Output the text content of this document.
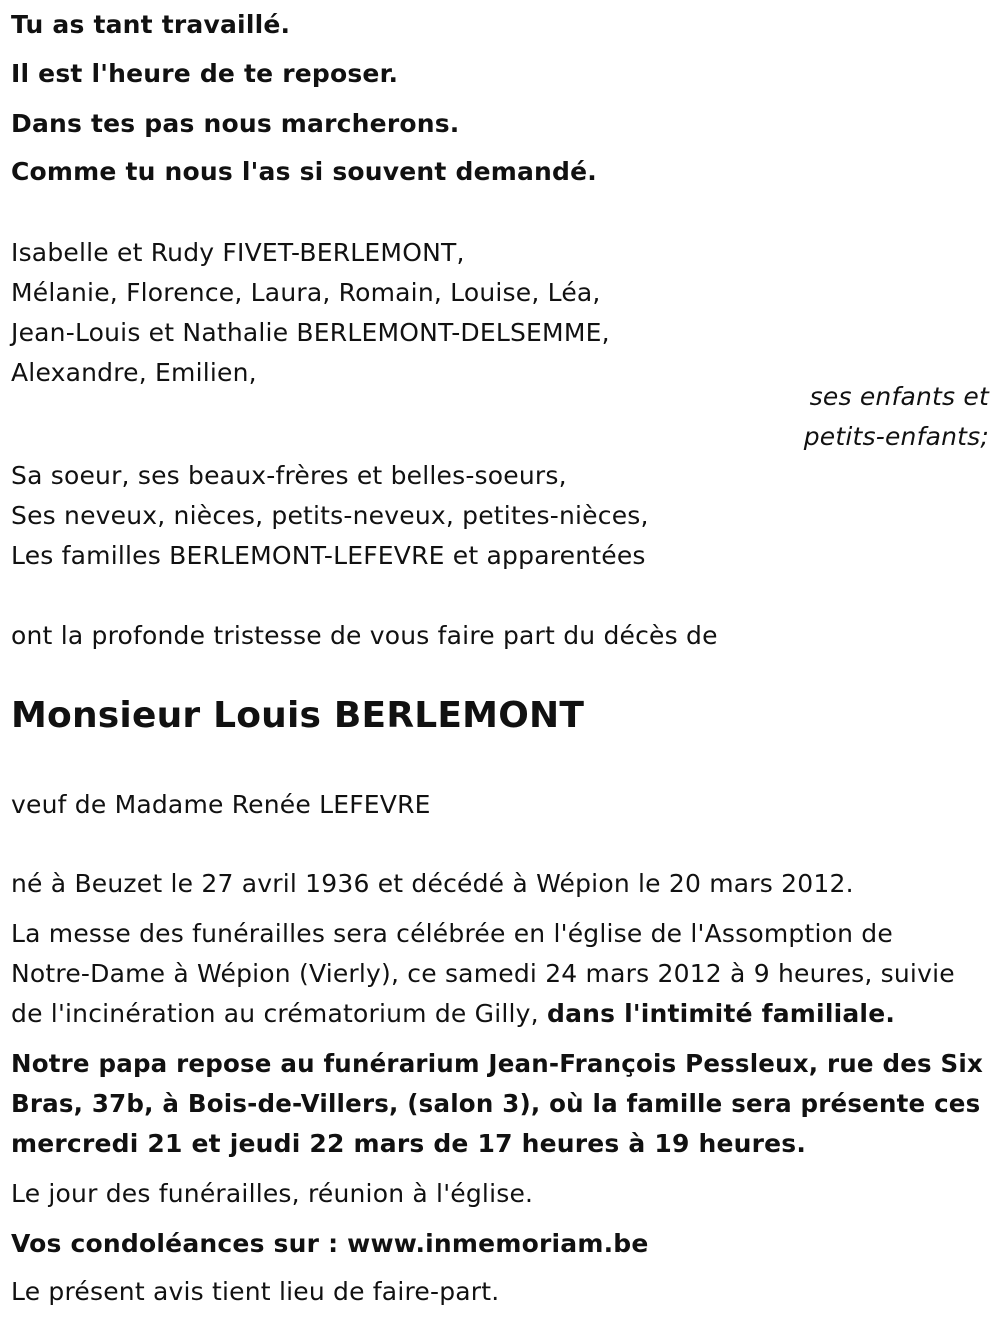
Tu as tant travaillé.
Il est l'heure de te reposer.
Dans tes pas nous marcherons.
Comme tu nous l'as si souvent demandé.
Isabelle et Rudy FIVET-BERLEMONT,
Mélanie, Florence, Laura, Romain, Louise, Léa,
Jean-Louis et Nathalie BERLEMONT-DELSEMME,
Alexandre, Emilien,
ses enfants et
petits-enfants;
Sa soeur, ses beaux-frères et belles-soeurs,
Ses neveux, nièces, petits-neveux, petites-nièces,
Les familles BERLEMONT-LEFEVRE et apparentées
ont la profonde tristesse de vous faire part du décès de
Monsieur Louis BERLEMONT
veuf de Madame Renée LEFEVRE
né à Beuzet le 27 avril 1936 et décédé à Wépion le 20 mars 2012.
La messe des funérailles sera célébrée en l'église de l'Assomption de
Notre-Dame à Wépion (Vierly), ce samedi 24 mars 2012 à 9 heures, suivie
de l'incinération au crématorium de Gilly, dans l'intimité familiale.
Notre papa repose au funérarium Jean-François Pessleux, rue des Six
Bras, 37b, à Bois-de-Villers, (salon 3), où la famille sera présente ces
mercredi 21 et jeudi 22 mars de 17 heures à 19 heures.
Le jour des funérailles, réunion à l'église.
Vos condoléances sur : www.inmemoriam.be
Le présent avis tient lieu de faire-part.
